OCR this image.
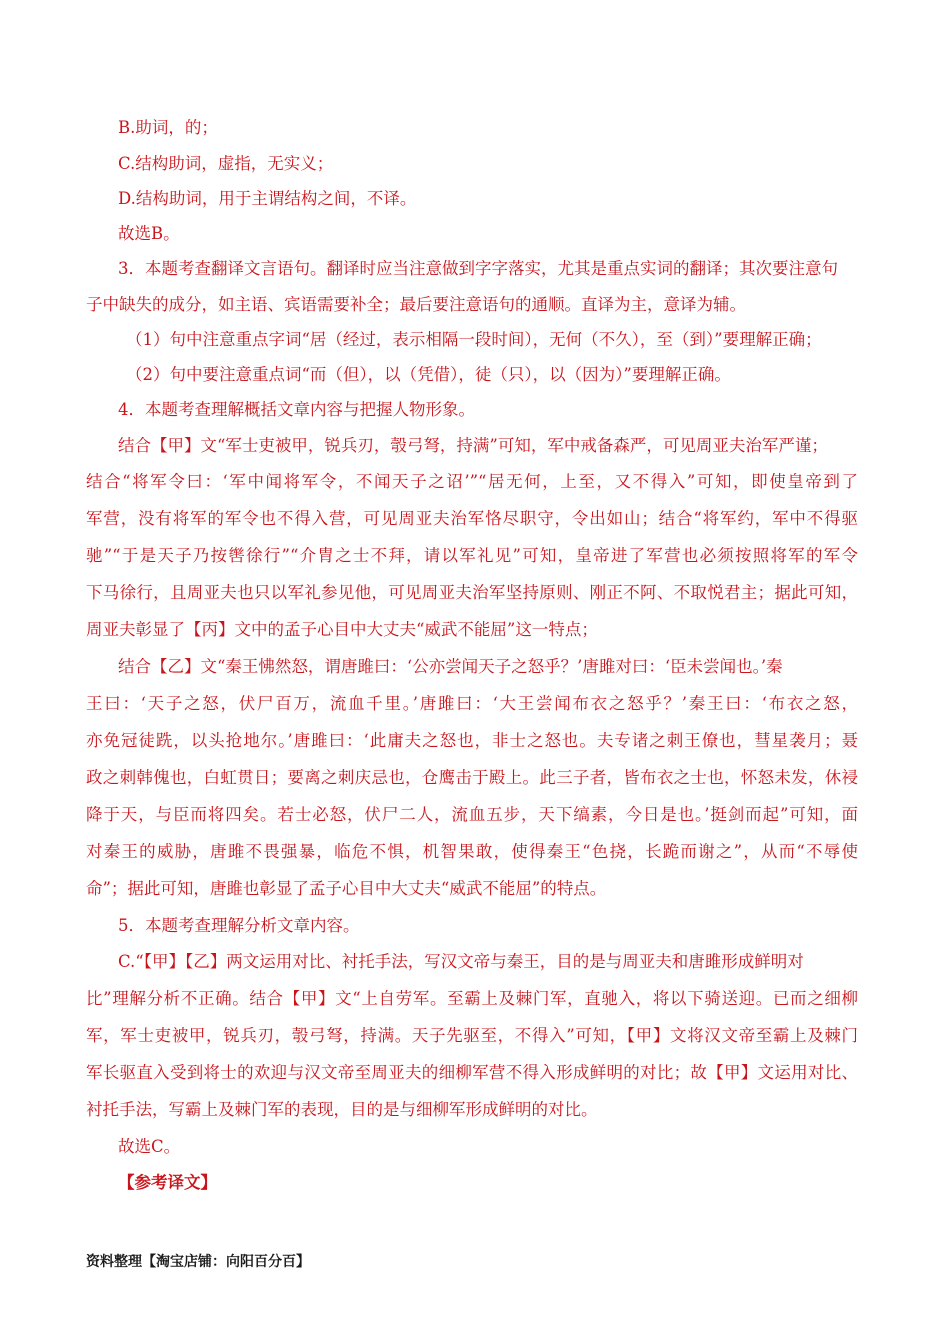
B.助词，的；
C.结构助词，虚指，无实义；
D.结构助词，用于主谓结构之间，不译。
故选B。
3．本题考查翻译文言语句。翻译时应当注意做到字字落实，尤其是重点实词的翻译；其次要注意句
子中缺失的成分，如主语、宾语需要补全；最后要注意语句的通顺。直译为主，意译为辅。
（1）句中注意重点字词“居（经过，表示相隔一段时间），无何（不久），至（到）”要理解正确；
（2）句中要注意重点词“而（但），以（凭借），徒（只），以（因为）”要理解正确。
4．本题考查理解概括文章内容与把握人物形象。
结合【甲】文“军士吏被甲，锐兵刃，彀弓弩，持满”可知，军中戒备森严，可见周亚夫治军严谨；
结合“将军令曰：‘军中闻将军令，不闻天子之诏’”“居无何，上至，又不得入”可知，即使皇帝到了
军营，没有将军的军令也不得入营，可见周亚夫治军恪尽职守，令出如山；结合“将军约，军中不得驱
驰”“于是天子乃按辔徐行”“介胄之士不拜，请以军礼见”可知，皇帝进了军营也必须按照将军的军令
下马徐行，且周亚夫也只以军礼参见他，可见周亚夫治军坚持原则、刚正不阿、不取悦君主；据此可知，
周亚夫彰显了【丙】文中的孟子心目中大丈夫“威武不能屈”这一特点；
结合【乙】文“秦王怫然怒，谓唐雎曰：‘公亦尝闻天子之怒乎？’唐雎对曰：‘臣未尝闻也。’秦
王曰：‘天子之怒，伏尸百万，流血千里。’唐雎曰：‘大王尝闻布衣之怒乎？’秦王曰：‘布衣之怒，
亦免冠徒跣，以头抢地尔。’唐雎曰：‘此庸夫之怒也，非士之怒也。夫专诸之刺王僚也，彗星袭月；聂
政之刺韩傀也，白虹贯日；要离之刺庆忌也，仓鹰击于殿上。此三子者，皆布衣之士也，怀怒未发，休祲
降于天，与臣而将四矣。若士必怒，伏尸二人，流血五步，天下缟素，今日是也。’挺剑而起”可知，面
对秦王的威胁，唐雎不畏强暴，临危不惧，机智果敢，使得秦王“色挠，长跪而谢之”，从而“不辱使
命”；据此可知，唐雎也彰显了孟子心目中大丈夫“威武不能屈”的特点。
5．本题考查理解分析文章内容。
C.“【甲】【乙】两文运用对比、衬托手法，写汉文帝与秦王，目的是与周亚夫和唐雎形成鲜明对
比”理解分析不正确。结合【甲】文“上自劳军。至霸上及棘门军，直驰入，将以下骑送迎。已而之细柳
军，军士吏被甲，锐兵刃，彀弓弩，持满。天子先驱至，不得入”可知，【甲】文将汉文帝至霸上及棘门
军长驱直入受到将士的欢迎与汉文帝至周亚夫的细柳军营不得入形成鲜明的对比；故【甲】文运用对比、
衬托手法，写霸上及棘门军的表现，目的是与细柳军形成鲜明的对比。
故选C。
【参考译文】
资料整理【淘宝店铺：向阳百分百】
